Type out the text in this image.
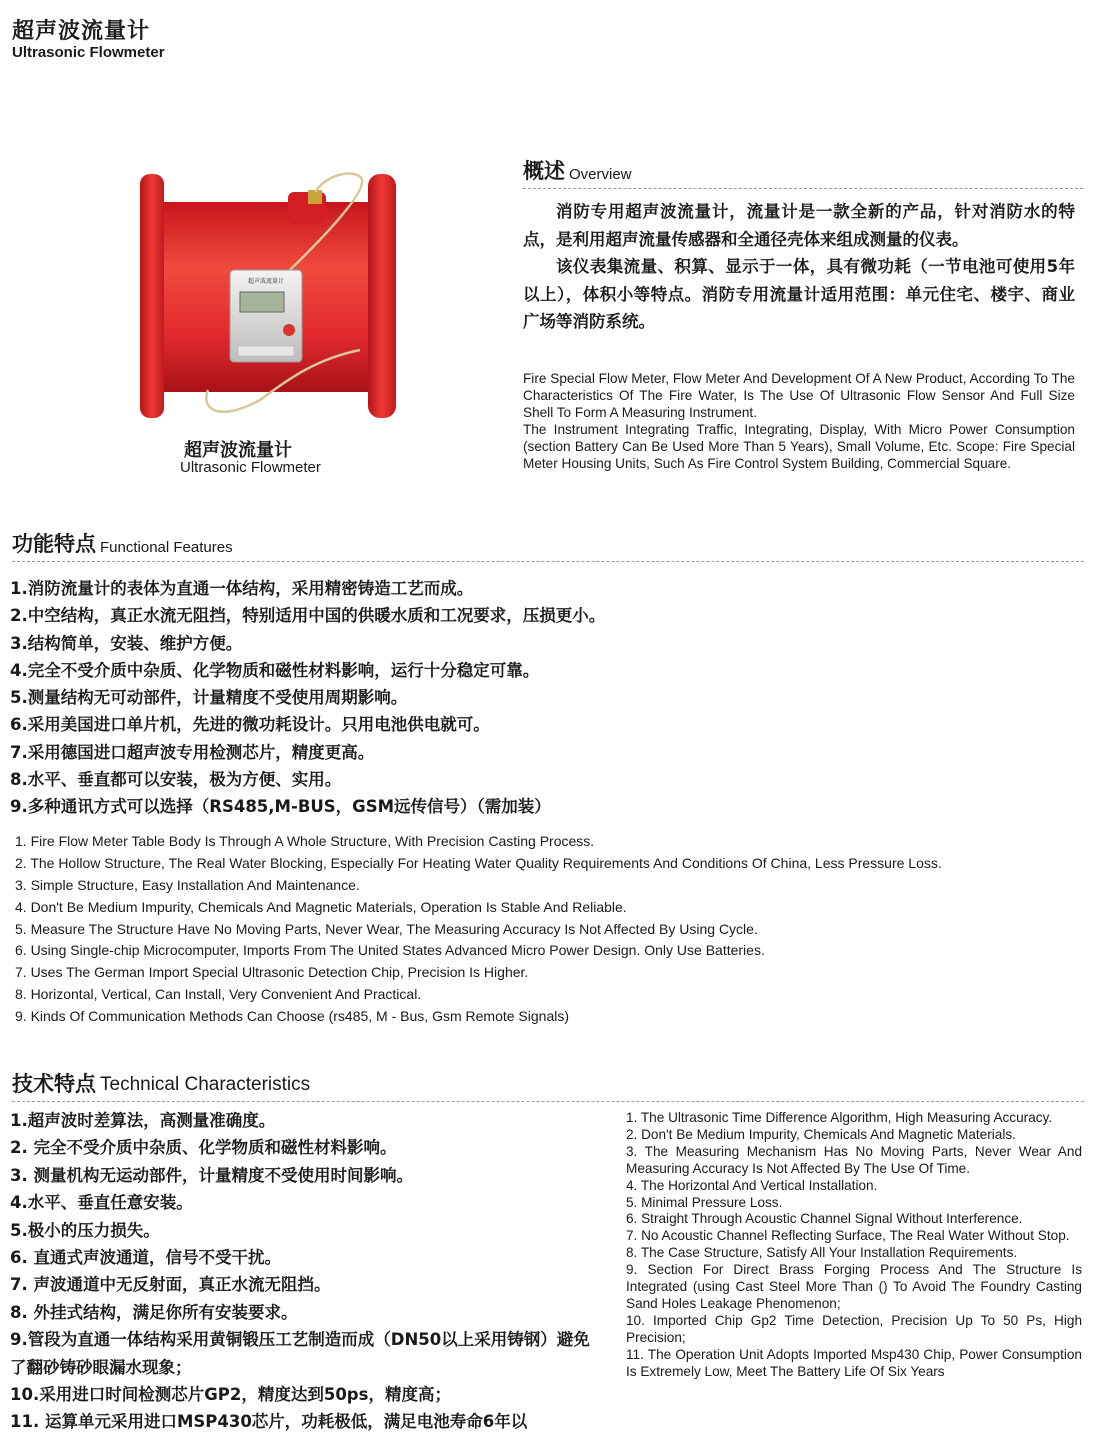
超声波流量计
Ultrasonic Flowmeter
超声波流量计
超声波流量计
Ultrasonic Flowmeter
概述 Overview

消防专用超声波流量计，流量计是一款全新的产品，针对消防水的特点，是利用超声流量传感器和全通径壳体来组成测量的仪表。

该仪表集流量、积算、显示于一体，具有微功耗（一节电池可使用5年以上），体积小等特点。消防专用流量计适用范围：单元住宅、楼宇、商业广场等消防系统。

Fire Special Flow Meter, Flow Meter And Development Of A New Product, According To The Characteristics Of The Fire Water, Is The Use Of Ultrasonic Flow Sensor And Full Size Shell To Form A Measuring Instrument.

The Instrument Integrating Traffic, Integrating, Display, With Micro Power Consumption (section Battery Can Be Used More Than 5 Years), Small Volume, Etc. Scope: Fire Special Meter Housing Units, Such As Fire Control System Building, Commercial Square.

功能特点 Functional Features
1.消防流量计的表体为直通一体结构，采用精密铸造工艺而成。
2.中空结构，真正水流无阻挡，特别适用中国的供暖水质和工况要求，压损更小。
3.结构简单，安装、维护方便。
4.完全不受介质中杂质、化学物质和磁性材料影响，运行十分稳定可靠。
5.测量结构无可动部件，计量精度不受使用周期影响。
6.采用美国进口单片机，先进的微功耗设计。只用电池供电就可。
7.采用德国进口超声波专用检测芯片，精度更高。
8.水平、垂直都可以安装，极为方便、实用。
9.多种通讯方式可以选择（RS485,M-BUS，GSM远传信号）（需加装）
1. Fire Flow Meter Table Body Is Through A Whole Structure, With Precision Casting Process.
2. The Hollow Structure, The Real Water Blocking, Especially For Heating Water Quality Requirements And Conditions Of China, Less Pressure Loss.
3. Simple Structure, Easy Installation And Maintenance.
4. Don't Be Medium Impurity, Chemicals And Magnetic Materials, Operation Is Stable And Reliable.
5. Measure The Structure Have No Moving Parts, Never Wear, The Measuring Accuracy Is Not Affected By Using Cycle.
6. Using Single-chip Microcomputer, Imports From The United States Advanced Micro Power Design. Only Use Batteries.
7. Uses The German Import Special Ultrasonic Detection Chip, Precision Is Higher.
8. Horizontal, Vertical, Can Install, Very Convenient And Practical.
9. Kinds Of Communication Methods Can Choose (rs485, M - Bus, Gsm Remote Signals)
技术特点 Technical Characteristics
1.超声波时差算法，高测量准确度。
2. 完全不受介质中杂质、化学物质和磁性材料影响。
3. 测量机构无运动部件，计量精度不受使用时间影响。
4.水平、垂直任意安装。
5.极小的压力损失。
6. 直通式声波通道，信号不受干扰。
7. 声波通道中无反射面，真正水流无阻挡。
8. 外挂式结构，满足你所有安装要求。
9.管段为直通一体结构采用黄铜锻压工艺制造而成（DN50以上采用铸钢）避免了翻砂铸砂眼漏水现象；
10.采用进口时间检测芯片GP2，精度达到50ps，精度高；
11. 运算单元采用进口MSP430芯片，功耗极低，满足电池寿命6年以
1. The Ultrasonic Time Difference Algorithm, High Measuring Accuracy.
2. Don't Be Medium Impurity, Chemicals And Magnetic Materials.
3. The Measuring Mechanism Has No Moving Parts, Never Wear And Measuring Accuracy Is Not Affected By The Use Of Time.
4. The Horizontal And Vertical Installation.
5. Minimal Pressure Loss.
6. Straight Through Acoustic Channel Signal Without Interference.
7. No Acoustic Channel Reflecting Surface, The Real Water Without Stop.
8. The Case Structure, Satisfy All Your Installation Requirements.
9. Section For Direct Brass Forging Process And The Structure Is Integrated (using Cast Steel More Than () To Avoid The Foundry Casting Sand Holes Leakage Phenomenon;
10. Imported Chip Gp2 Time Detection, Precision Up To 50 Ps, High Precision;
11. The Operation Unit Adopts Imported Msp430 Chip, Power Consumption Is Extremely Low, Meet The Battery Life Of Six Years
